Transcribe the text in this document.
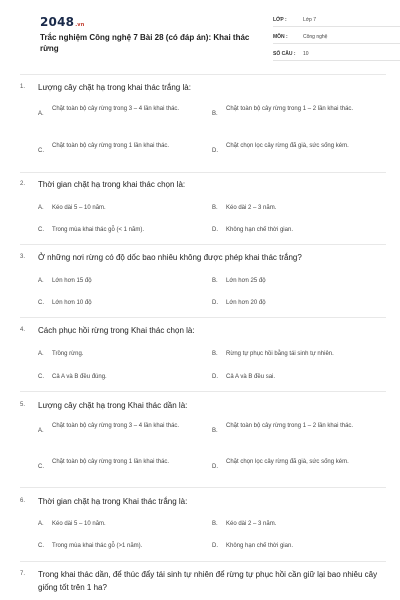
2048.vn
Trắc nghiệm Công nghệ 7 Bài 28 (có đáp án): Khai thác rừng
LỚP :	Lớp 7
MÔN :	Công nghệ
SỐ CÂU :	10
1. Lượng cây chặt hạ trong khai thác trắng là:
A.
Chặt toàn bộ cây rừng trong 3 – 4 lần khai thác.
B.
Chặt toàn bộ cây rừng trong 1 – 2 lần khai thác.
C.
Chặt toàn bộ cây rừng trong 1 lần khai thác.
D.
Chặt chọn lọc cây rừng đã già, sức sống kém.
2. Thời gian chặt hạ trong khai thác chọn là:
A.	Kéo dài 5 – 10 năm.	B.	Kéo dài 2 – 3 năm.
C.	Trong mùa khai thác gỗ (< 1 năm).	D.	Không hạn chế thời gian.
3. Ở những nơi rừng có độ dốc bao nhiêu không được phép khai thác trắng?
A.	Lớn hơn 15 độ	B.	Lớn hơn 25 độ
C.	Lớn hơn 10 độ	D.	Lớn hơn 20 độ
4. Cách phục hồi rừng trong Khai thác chọn là:
A.	Trồng rừng.	B.	Rừng tự phục hồi bằng tái sinh tự nhiên.
C.	Cả A và B đều đúng.	D.	Cả A và B đều sai.
5. Lượng cây chặt hạ trong Khai thác dần là:
A.
Chặt toàn bộ cây rừng trong 3 – 4 lần khai thác.
B.
Chặt toàn bộ cây rừng trong 1 – 2 lần khai thác.
C.
Chặt toàn bộ cây rừng trong 1 lần khai thác.
D.
Chặt chọn lọc cây rừng đã già, sức sống kém.
6. Thời gian chặt hạ trong Khai thác trắng là:
A.	Kéo dài 5 – 10 năm.	B.	Kéo dài 2 – 3 năm.
C.	Trong mùa khai thác gỗ (>1 năm).	D.	Không hạn chế thời gian.
7. Trong khai thác dần, để thúc đẩy tái sinh tự nhiên để rừng tự phục hồi cần giữ lại bao nhiêu cây giống tốt trên 1 ha?
